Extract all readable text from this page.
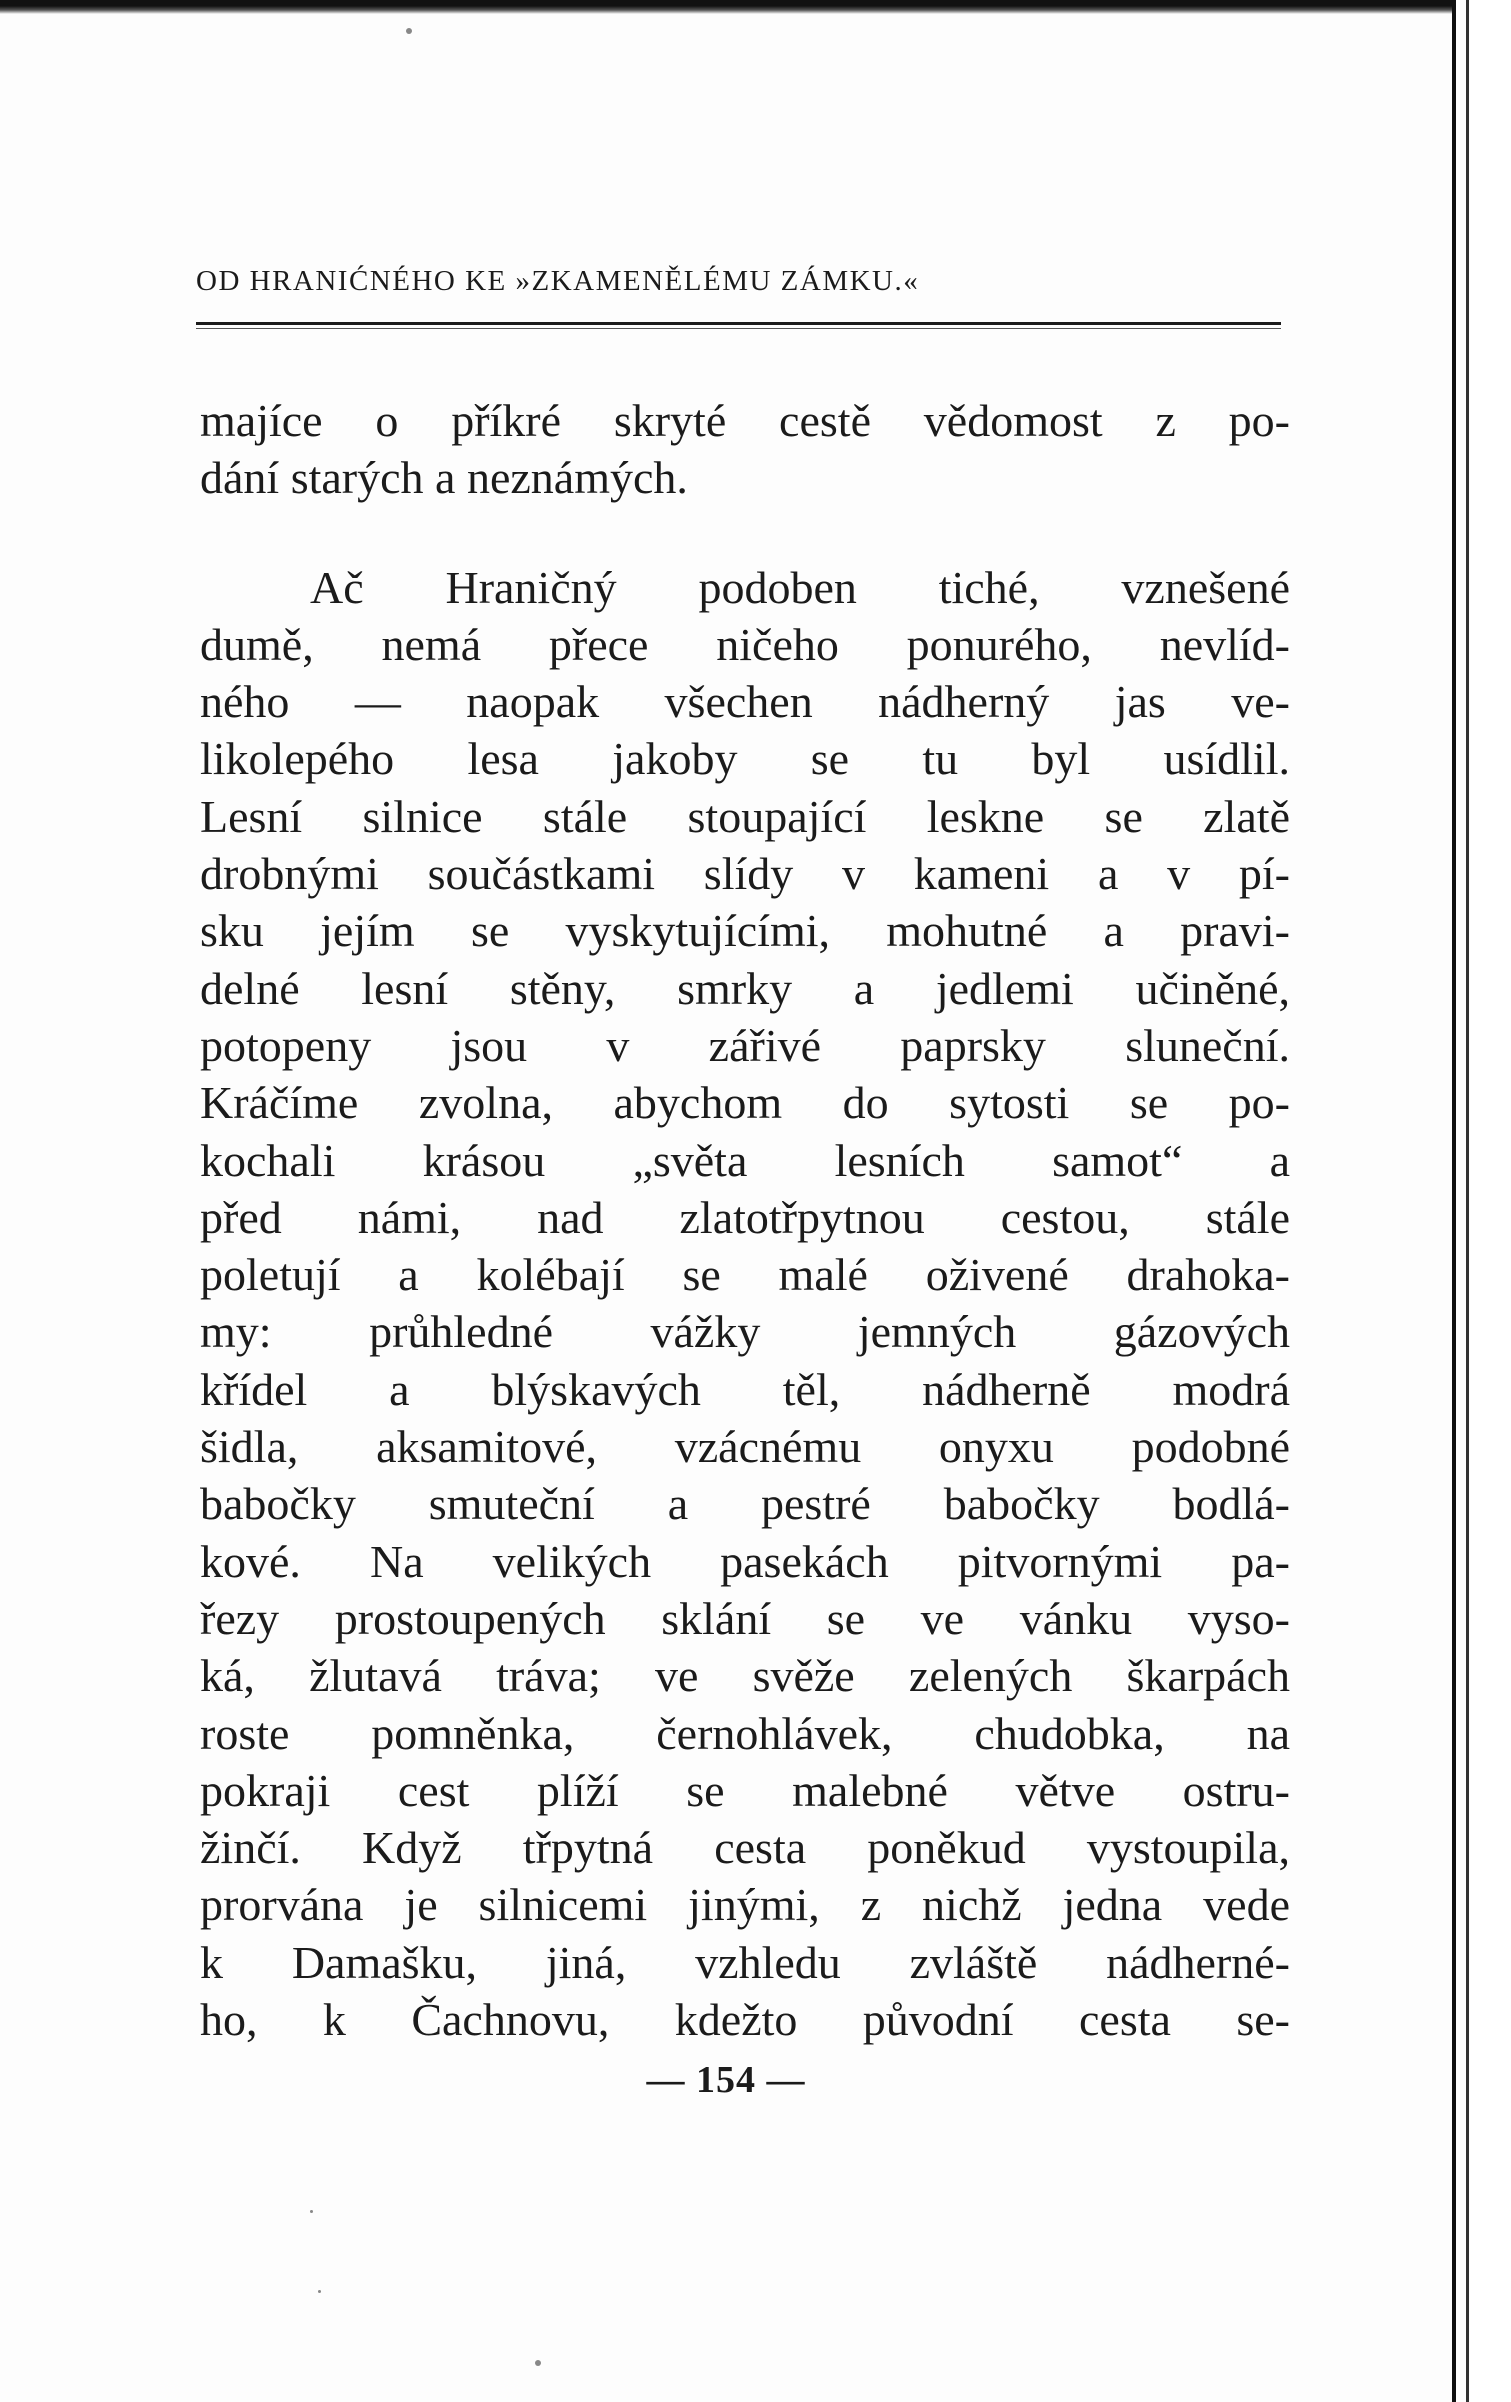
OD HRANIĆNÉHO KE »ZKAMENĚLÉMU ZÁMKU.«
majíce o příkré skryté cestě vědomost z po-
dání starých a neznámých.
Ač Hraničný podoben tiché, vznešené
dumě, nemá přece ničeho ponurého, nevlíd-
ného — naopak všechen nádherný jas ve-
likolepého lesa jakoby se tu byl usídlil.
Lesní silnice stále stoupající leskne se zlatě
drobnými součástkami slídy v kameni a v pí-
sku jejím se vyskytujícími, mohutné a pravi-
delné lesní stěny, smrky a jedlemi učiněné,
potopeny jsou v zářivé paprsky sluneční.
Kráčíme zvolna, abychom do sytosti se po-
kochali krásou „světa lesních samot“ a
před námi, nad zlatotřpytnou cestou, stále
poletují a kolébají se malé oživené drahoka-
my: průhledné vážky jemných gázových
křídel a blýskavých těl, nádherně modrá
šidla, aksamitové, vzácnému onyxu podobné
babočky smuteční a pestré babočky bodlá-
kové. Na velikých pasekách pitvornými pa-
řezy prostoupených sklání se ve vánku vyso-
ká, žlutavá tráva; ve svěže zelených škarpách
roste pomněnka, černohlávek, chudobka, na
pokraji cest plíží se malebné větve ostru-
žinčí. Když třpytná cesta poněkud vystoupila,
prorvána je silnicemi jinými, z nichž jedna vede
k Damašku, jiná, vzhledu zvláště nádherné-
ho, k Čachnovu, kdežto původní cesta se-
— 154 —
